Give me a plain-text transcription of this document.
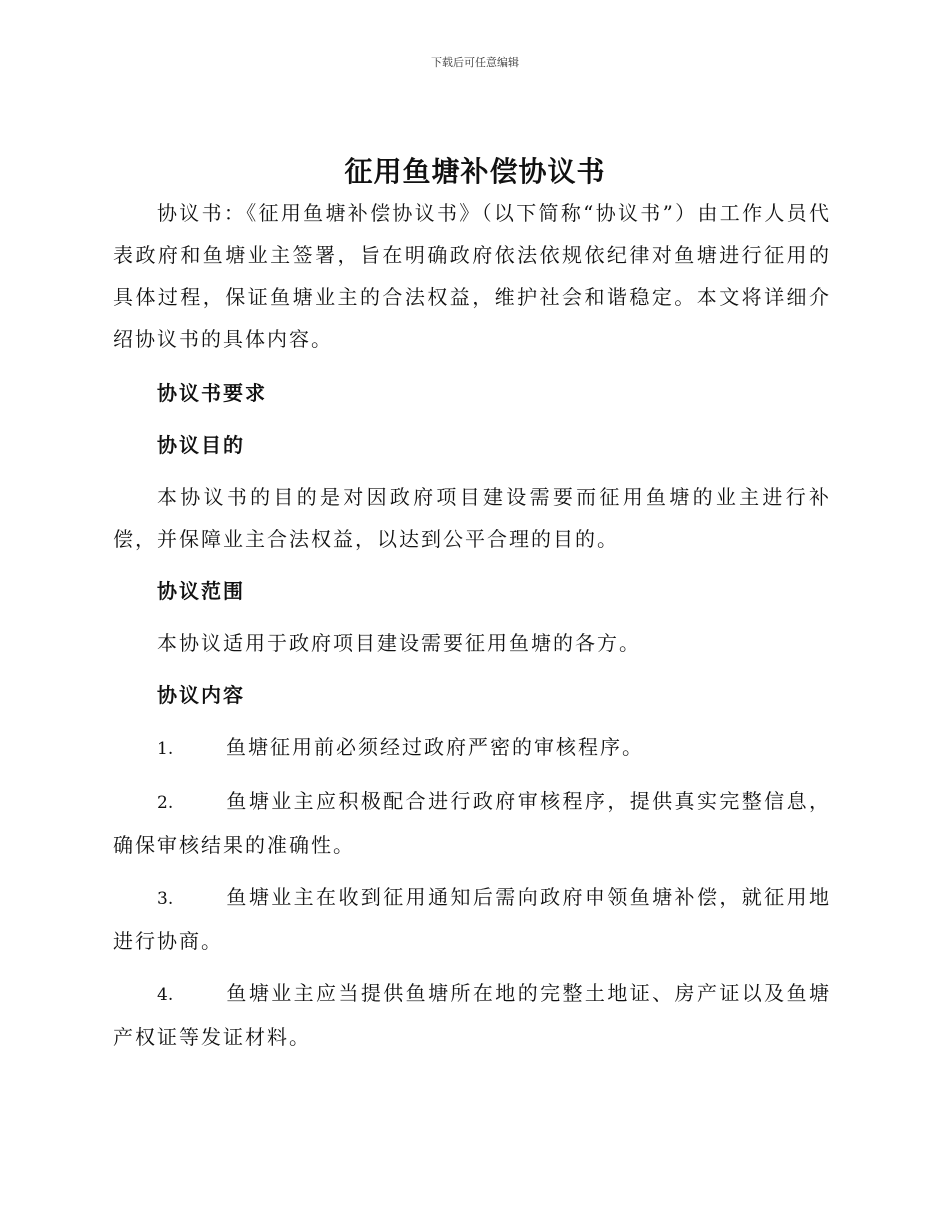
下载后可任意编辑
征用鱼塘补偿协议书

协议书：《征用鱼塘补偿协议书》（以下简称“协议书”）由工作人员代表政府和鱼塘业主签署，旨在明确政府依法依规依纪律对鱼塘进行征用的具体过程，保证鱼塘业主的合法权益，维护社会和谐稳定。本文将详细介绍协议书的具体内容。

协议书要求

协议目的

本协议书的目的是对因政府项目建设需要而征用鱼塘的业主进行补偿，并保障业主合法权益，以达到公平合理的目的。

协议范围

本协议适用于政府项目建设需要征用鱼塘的各方。

协议内容

1.	鱼塘征用前必须经过政府严密的审核程序。

2.	鱼塘业主应积极配合进行政府审核程序，提供真实完整信息，确保审核结果的准确性。

3.	鱼塘业主在收到征用通知后需向政府申领鱼塘补偿，就征用地进行协商。

4.	鱼塘业主应当提供鱼塘所在地的完整土地证、房产证以及鱼塘产权证等发证材料。
